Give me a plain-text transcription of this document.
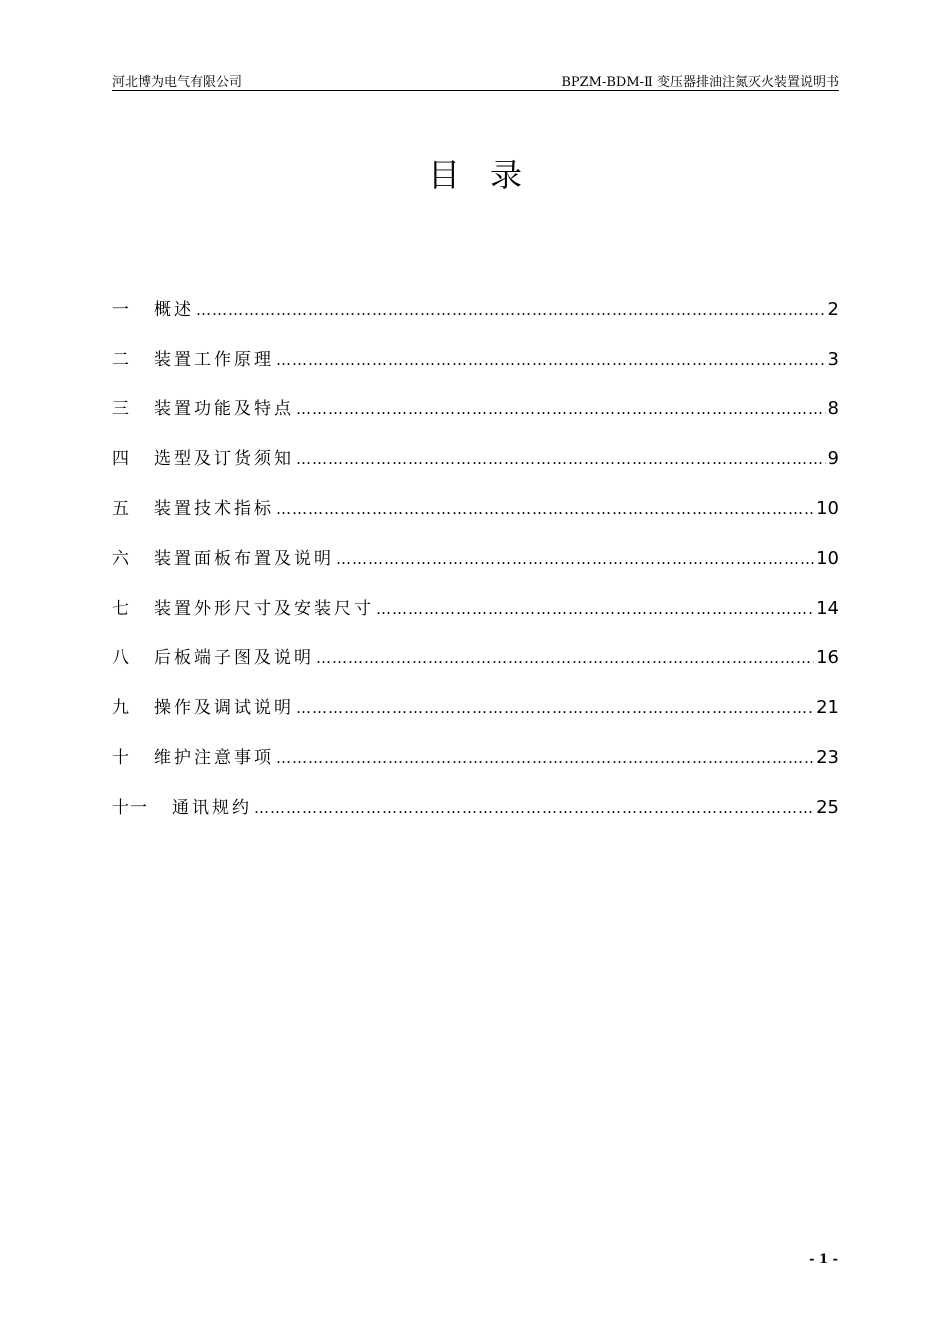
河北博为电气有限公司	BPZM-BDM-Ⅱ 变压器排油注氮灭火装置说明书
目录
一	概述 ………………………………………………………………………………………………………………………………………………	2
二	装置工作原理 ………………………………………………………………………………………………………………………………………………	3
三	装置功能及特点 ………………………………………………………………………………………………………………………………………………	8
四	选型及订货须知 ………………………………………………………………………………………………………………………………………………	9
五	装置技术指标 ………………………………………………………………………………………………………………………………………………	10
六	装置面板布置及说明 ………………………………………………………………………………………………………………………………………………	10
七	装置外形尺寸及安装尺寸 ………………………………………………………………………………………………………………………………………………	14
八	后板端子图及说明 ………………………………………………………………………………………………………………………………………………	16
九	操作及调试说明 ………………………………………………………………………………………………………………………………………………	21
十	维护注意事项 ………………………………………………………………………………………………………………………………………………	23
十一	通讯规约 ………………………………………………………………………………………………………………………………………………	25
- 1 -
